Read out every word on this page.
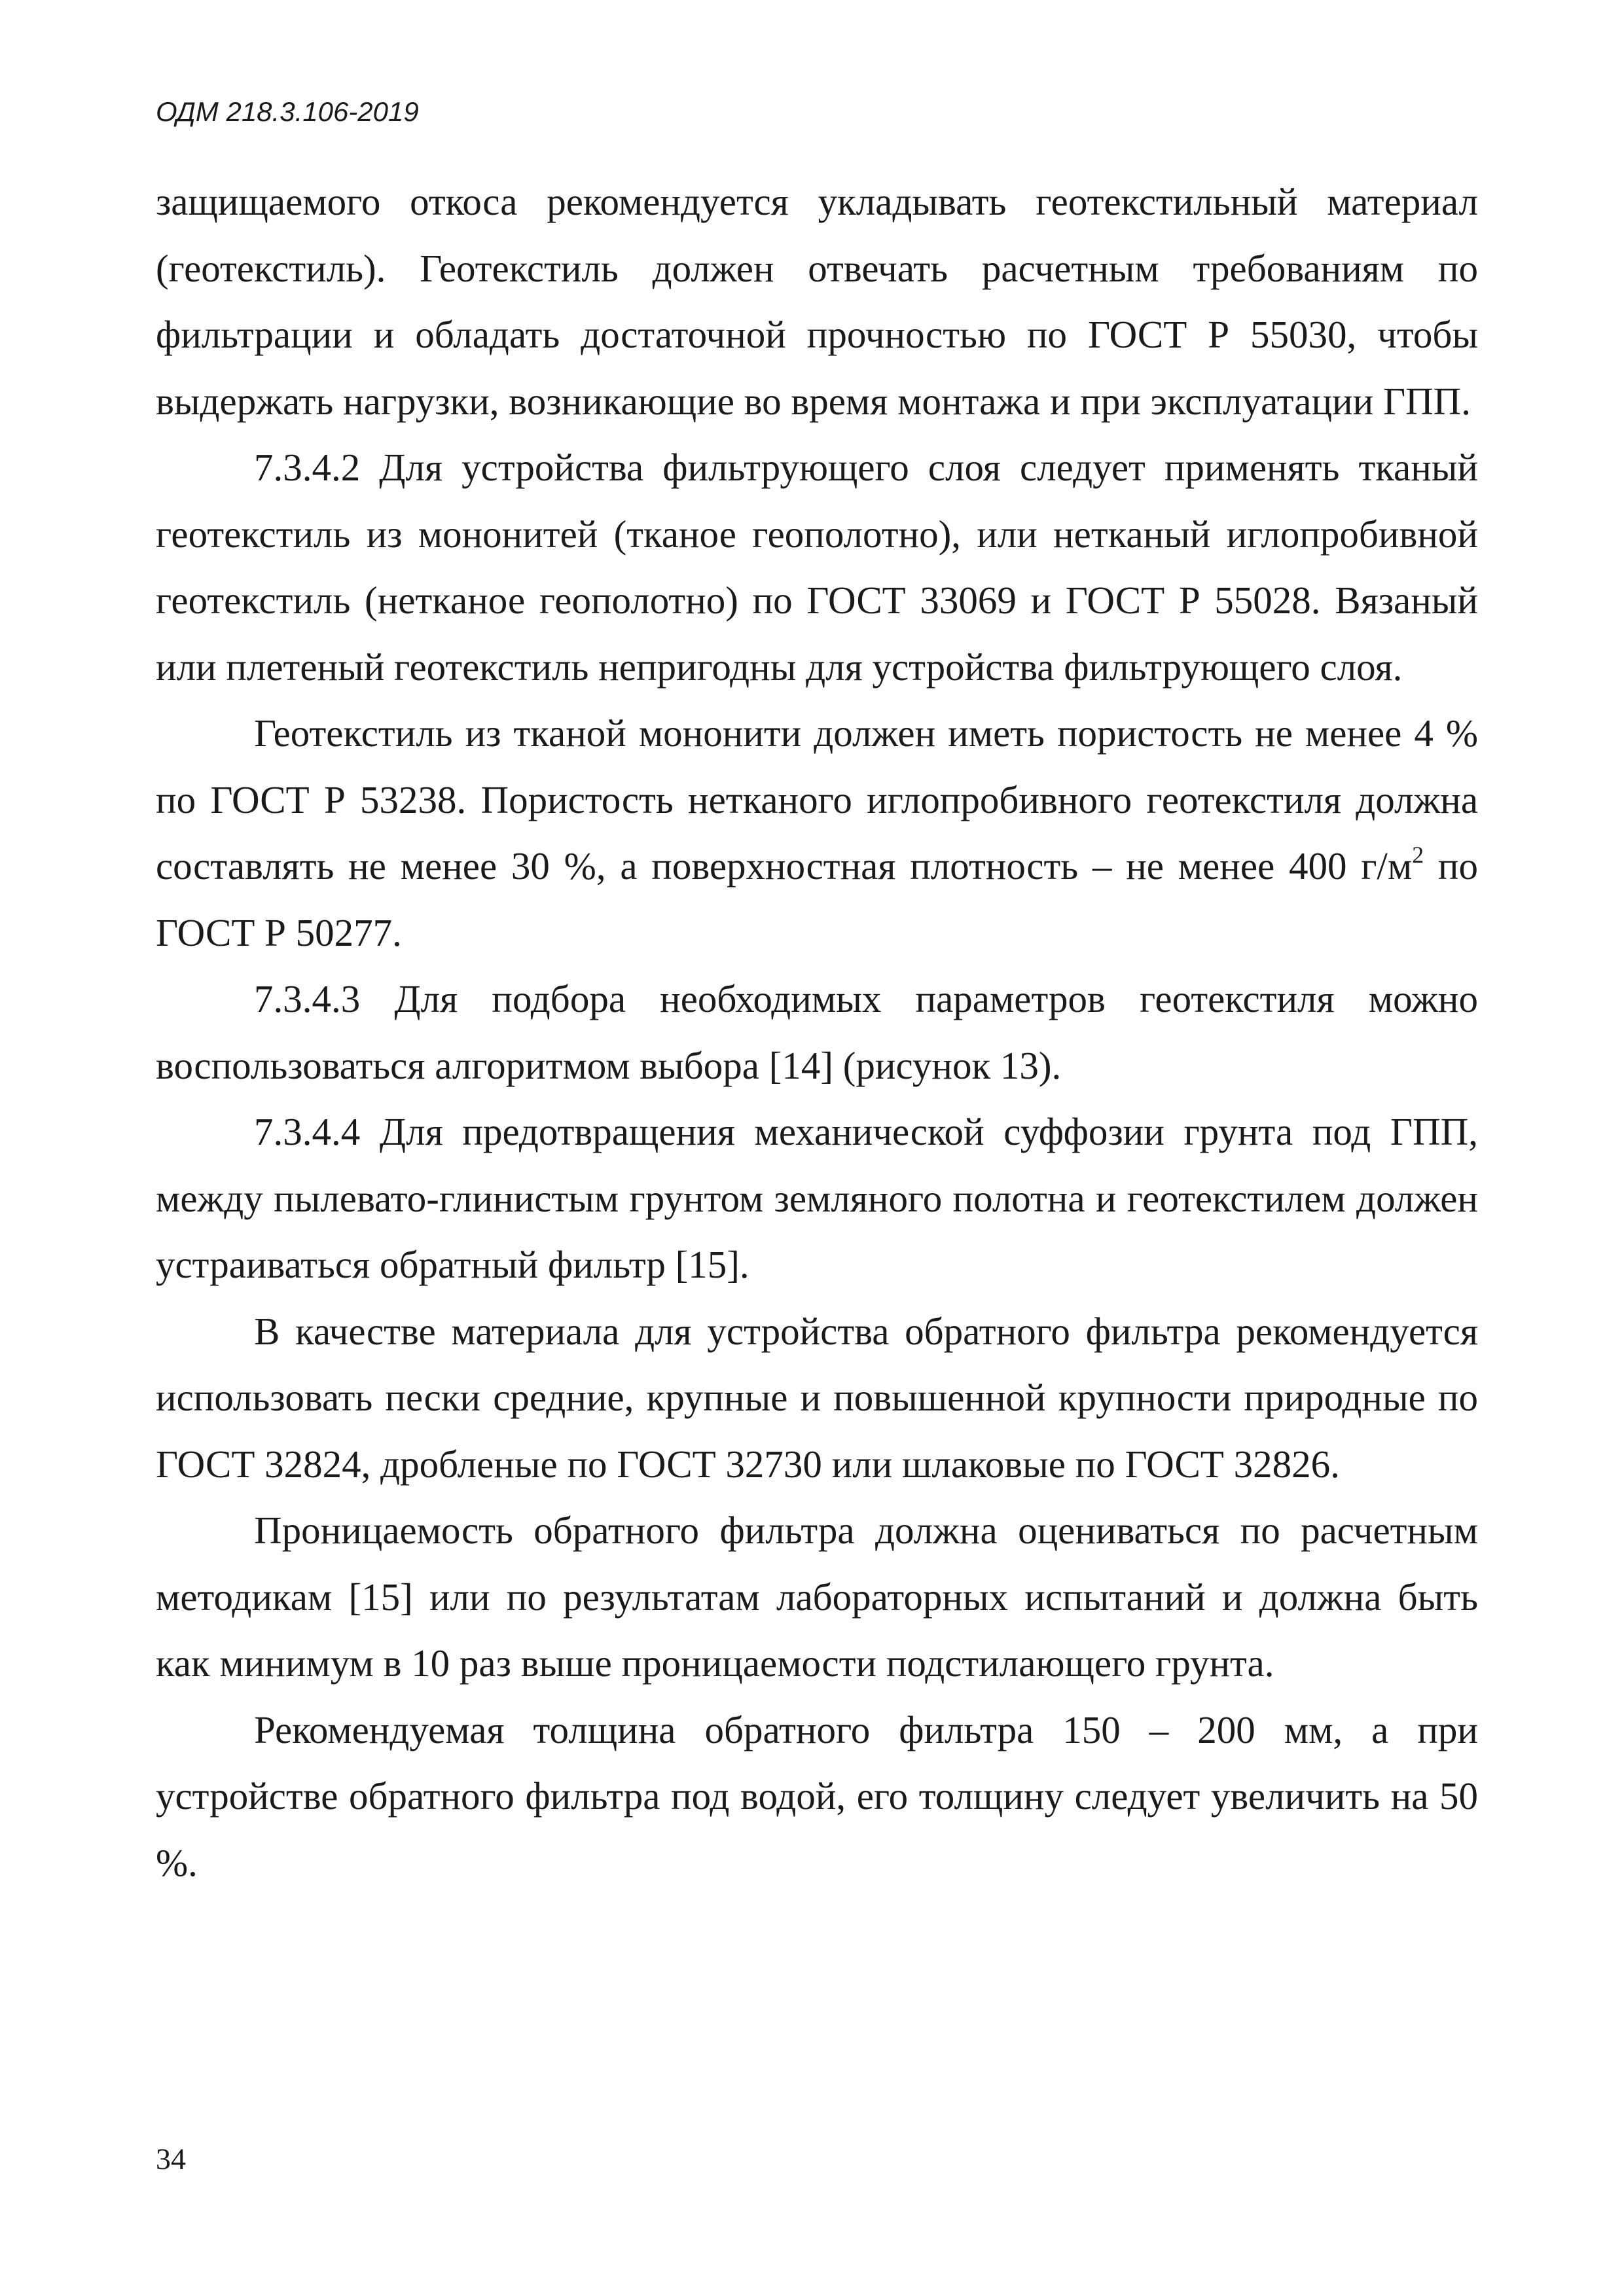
ОДМ 218.3.106-2019

защищаемого откоса рекомендуется укладывать геотекстильный материал (геотекстиль). Геотекстиль должен отвечать расчетным требованиям по фильтрации и обладать достаточной прочностью по ГОСТ Р 55030, чтобы выдержать нагрузки, возникающие во время монтажа и при эксплуатации ГПП.

7.3.4.2 Для устройства фильтрующего слоя следует применять тканый геотекстиль из мононитей (тканое геополотно), или нетканый иглопробивной геотекстиль (нетканое геополотно) по ГОСТ 33069 и ГОСТ Р 55028. Вязаный или плетеный геотекстиль непригодны для устройства фильтрующего слоя.

Геотекстиль из тканой мононити должен иметь пористость не менее 4 % по ГОСТ Р 53238. Пористость нетканого иглопробивного геотекстиля должна составлять не менее 30 %, а поверхностная плотность – не менее 400 $г/м^2$ по ГОСТ Р 50277.

7.3.4.3 Для подбора необходимых параметров геотекстиля можно воспользоваться алгоритмом выбора [14] (рисунок 13).

7.3.4.4 Для предотвращения механической суффозии грунта под ГПП, между пылевато-глинистым грунтом земляного полотна и геотекстилем должен устраиваться обратный фильтр [15].

В качестве материала для устройства обратного фильтра рекомендуется использовать пески средние, крупные и повышенной крупности природные по ГОСТ 32824, дробленые по ГОСТ 32730 или шлаковые по ГОСТ 32826.

Проницаемость обратного фильтра должна оцениваться по расчетным методикам [15] или по результатам лабораторных испытаний и должна быть как минимум в 10 раз выше проницаемости подстилающего грунта.

Рекомендуемая толщина обратного фильтра 150 – 200 мм, а при устройстве обратного фильтра под водой, его толщину следует увеличить на 50 %.

34
